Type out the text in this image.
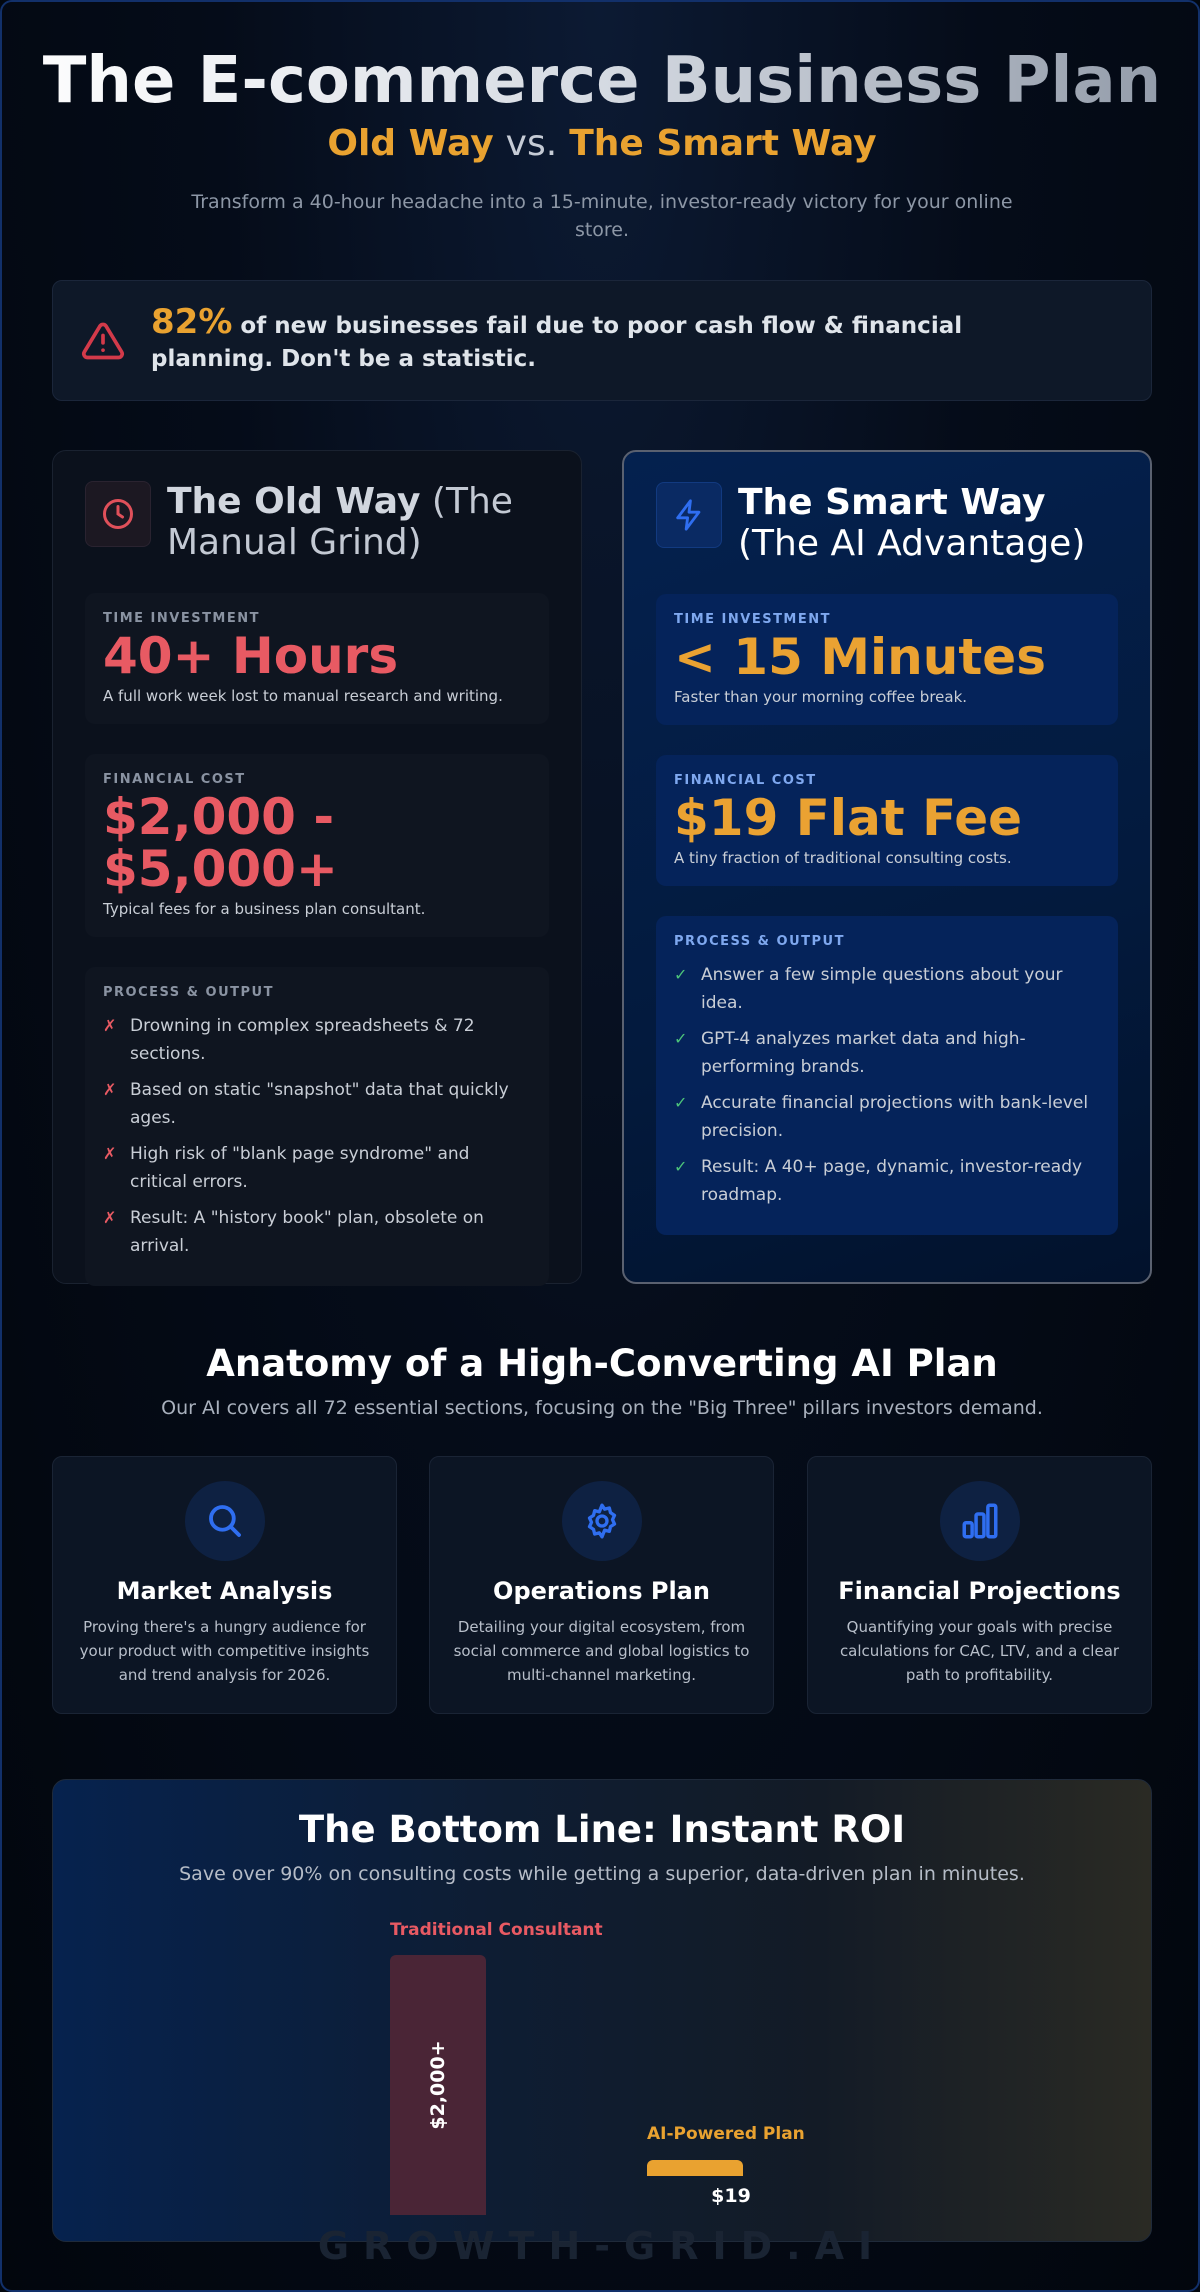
The E-commerce Business Plan
Old Way vs. The Smart Way
Transform a 40-hour headache into a 15-minute, investor-ready victory for your online store.
82% of new businesses fail due to poor cash flow & financial planning. Don't be a statistic.
The Old Way (The Manual Grind)
TIME INVESTMENT
40+ Hours
A full work week lost to manual research and writing.
FINANCIAL COST
$2,000 - $5,000+
Typical fees for a business plan consultant.
PROCESS & OUTPUT
✗ Drowning in complex spreadsheets & 72 sections.
✗ Based on static "snapshot" data that quickly ages.
✗ High risk of "blank page syndrome" and critical errors.
✗ Result: A "history book" plan, obsolete on arrival.
The Smart Way
(The AI Advantage)
TIME INVESTMENT
< 15 Minutes
Faster than your morning coffee break.
FINANCIAL COST
$19 Flat Fee
A tiny fraction of traditional consulting costs.
PROCESS & OUTPUT
✓ Answer a few simple questions about your idea.
✓ GPT-4 analyzes market data and high-performing brands.
✓ Accurate financial projections with bank-level precision.
✓ Result: A 40+ page, dynamic, investor-ready roadmap.
Anatomy of a High-Converting AI Plan
Our AI covers all 72 essential sections, focusing on the "Big Three" pillars investors demand.
Market Analysis
Proving there's a hungry audience for your product with competitive insights and trend analysis for 2026.
Operations Plan
Detailing your digital ecosystem, from social commerce and global logistics to multi-channel marketing.
Financial Projections
Quantifying your goals with precise calculations for CAC, LTV, and a clear path to profitability.
The Bottom Line: Instant ROI
Save over 90% on consulting costs while getting a superior, data-driven plan in minutes.
Traditional Consultant
$2,000+
AI-Powered Plan
$19
GROWTH-GRID.AI
